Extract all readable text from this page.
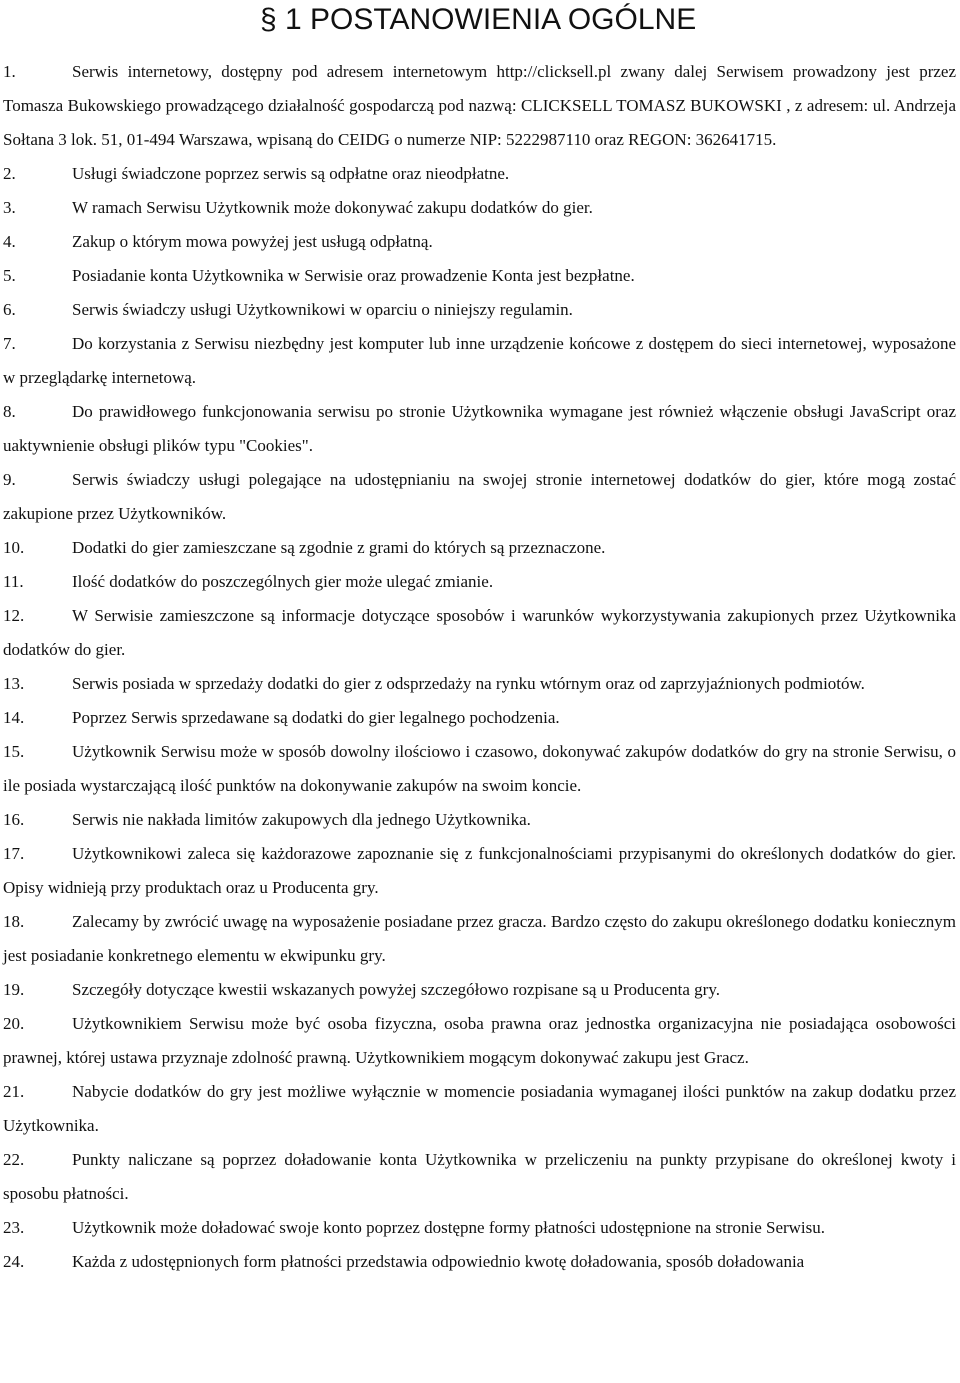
§ 1 POSTANOWIENIA OGÓLNE

1.	Serwis internetowy, dostępny pod adresem internetowym http://clicksell.pl zwany dalej Serwisem prowadzony jest przez Tomasza Bukowskiego prowadzącego działalność gospodarczą pod nazwą: CLICKSELL TOMASZ BUKOWSKI , z adresem: ul. Andrzeja Sołtana 3 lok. 51, 01-494 Warszawa, wpisaną do CEIDG o numerze NIP: 5222987110 oraz REGON: 362641715.

2.	Usługi świadczone poprzez serwis są odpłatne oraz nieodpłatne.

3.	W ramach Serwisu Użytkownik może dokonywać zakupu dodatków do gier.

4.	Zakup o którym mowa powyżej jest usługą odpłatną.

5.	Posiadanie konta Użytkownika w Serwisie oraz prowadzenie Konta jest bezpłatne.

6.	Serwis świadczy usługi Użytkownikowi w oparciu o niniejszy regulamin.

7.	Do korzystania z Serwisu niezbędny jest komputer lub inne urządzenie końcowe z dostępem do sieci internetowej, wyposażone w przeglądarkę internetową.

8.	Do prawidłowego funkcjonowania serwisu po stronie Użytkownika wymagane jest również włączenie obsługi JavaScript oraz uaktywnienie obsługi plików typu "Cookies".

9.	Serwis świadczy usługi polegające na udostępnianiu na swojej stronie internetowej dodatków do gier, które mogą zostać zakupione przez Użytkowników.

10.	Dodatki do gier zamieszczane są zgodnie z grami do których są przeznaczone.

11.	Ilość dodatków do poszczególnych gier może ulegać zmianie.

12.	W Serwisie zamieszczone są informacje dotyczące sposobów i warunków wykorzystywania zakupionych przez Użytkownika dodatków do gier.

13.	Serwis posiada w sprzedaży dodatki do gier z odsprzedaży na rynku wtórnym oraz od zaprzyjaźnionych podmiotów.

14.	Poprzez Serwis sprzedawane są dodatki do gier legalnego pochodzenia.

15.	Użytkownik Serwisu może w sposób dowolny ilościowo i czasowo, dokonywać zakupów dodatków do gry na stronie Serwisu, o ile posiada wystarczającą ilość punktów na dokonywanie zakupów na swoim koncie.

16.	Serwis nie nakłada limitów zakupowych dla jednego Użytkownika.

17.	Użytkownikowi zaleca się każdorazowe zapoznanie się z funkcjonalnościami przypisanymi do określonych dodatków do gier. Opisy widnieją przy produktach oraz u Producenta gry.

18.	Zalecamy by zwrócić uwagę na wyposażenie posiadane przez gracza. Bardzo często do zakupu określonego dodatku koniecznym jest posiadanie konkretnego elementu w ekwipunku gry.

19.	Szczegóły dotyczące kwestii wskazanych powyżej szczegółowo rozpisane są u Producenta gry.

20.	Użytkownikiem Serwisu może być osoba fizyczna, osoba prawna oraz jednostka organizacyjna nie posiadająca osobowości prawnej, której ustawa przyznaje zdolność prawną. Użytkownikiem mogącym dokonywać zakupu jest Gracz.

21.	Nabycie dodatków do gry jest możliwe wyłącznie w momencie posiadania wymaganej ilości punktów na zakup dodatku przez Użytkownika.

22.	Punkty naliczane są poprzez doładowanie konta Użytkownika w przeliczeniu na punkty przypisane do określonej kwoty i sposobu płatności.

23.	Użytkownik może doładować swoje konto poprzez dostępne formy płatności udostępnione na stronie Serwisu.

24.	Każda z udostępnionych form płatności przedstawia odpowiednio kwotę doładowania, sposób doładowania
